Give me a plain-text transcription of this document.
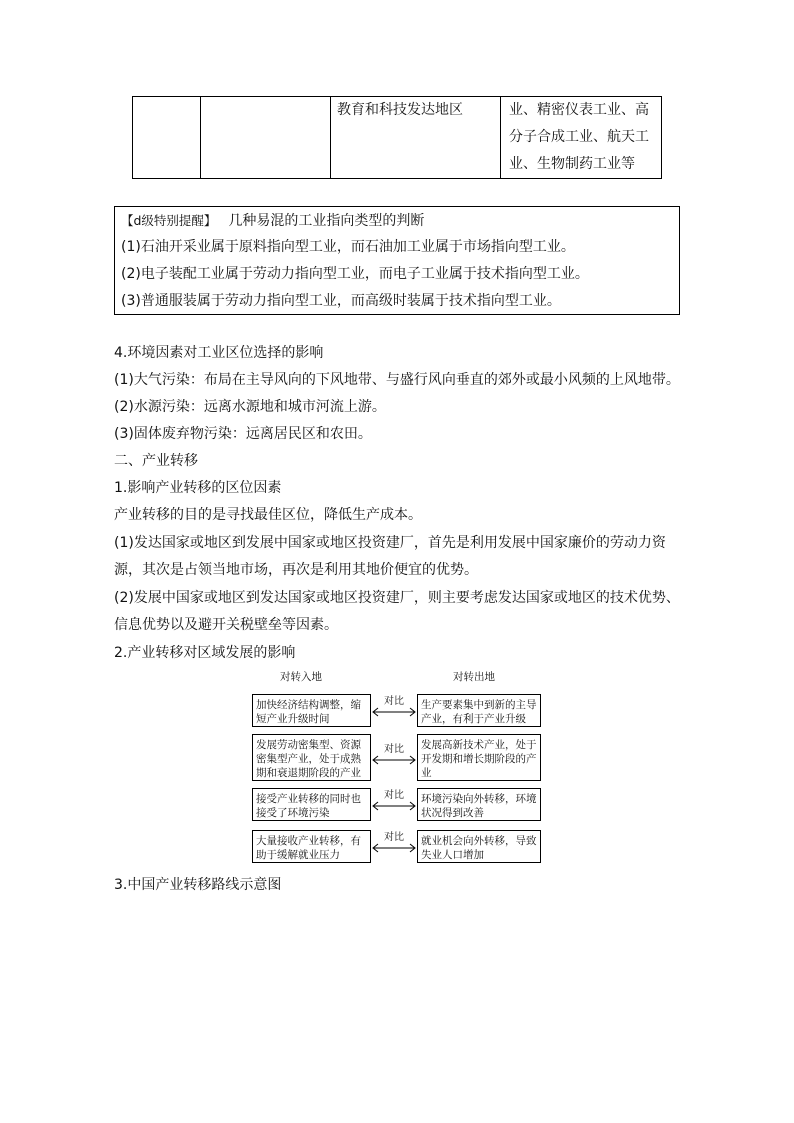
		教育和科技发达地区	业、精密仪表工业、高
分子合成工业、航天工
业、生物制药工业等
【d级特别提醒】 几种易混的工业指向类型的判断
(1)石油开采业属于原料指向型工业，而石油加工业属于市场指向型工业。
(2)电子装配工业属于劳动力指向型工业，而电子工业属于技术指向型工业。
(3)普通服装属于劳动力指向型工业，而高级时装属于技术指向型工业。
4.环境因素对工业区位选择的影响
(1)大气污染：布局在主导风向的下风地带、与盛行风向垂直的郊外或最小风频的上风地带。
(2)水源污染：远离水源地和城市河流上游。
(3)固体废弃物污染：远离居民区和农田。
二、产业转移
1.影响产业转移的区位因素
产业转移的目的是寻找最佳区位，降低生产成本。
(1)发达国家或地区到发展中国家或地区投资建厂，首先是利用发展中国家廉价的劳动力资
源，其次是占领当地市场，再次是利用其地价便宜的优势。
(2)发展中国家或地区到发达国家或地区投资建厂，则主要考虑发达国家或地区的技术优势、
信息优势以及避开关税壁垒等因素。
2.产业转移对区域发展的影响
对转入地	对转出地
加快经济结构调整，缩短产业升级时间
对比	生产要素集中到新的主导产业，有利于产业升级
发展劳动密集型、资源密集型产业，处于成熟期和衰退期阶段的产业
对比	发展高新技术产业，处于开发期和增长期阶段的产业
接受产业转移的同时也接受了环境污染
对比	环境污染向外转移，环境状况得到改善
大量接收产业转移，有助于缓解就业压力
对比	就业机会向外转移，导致失业人口增加
3.中国产业转移路线示意图
